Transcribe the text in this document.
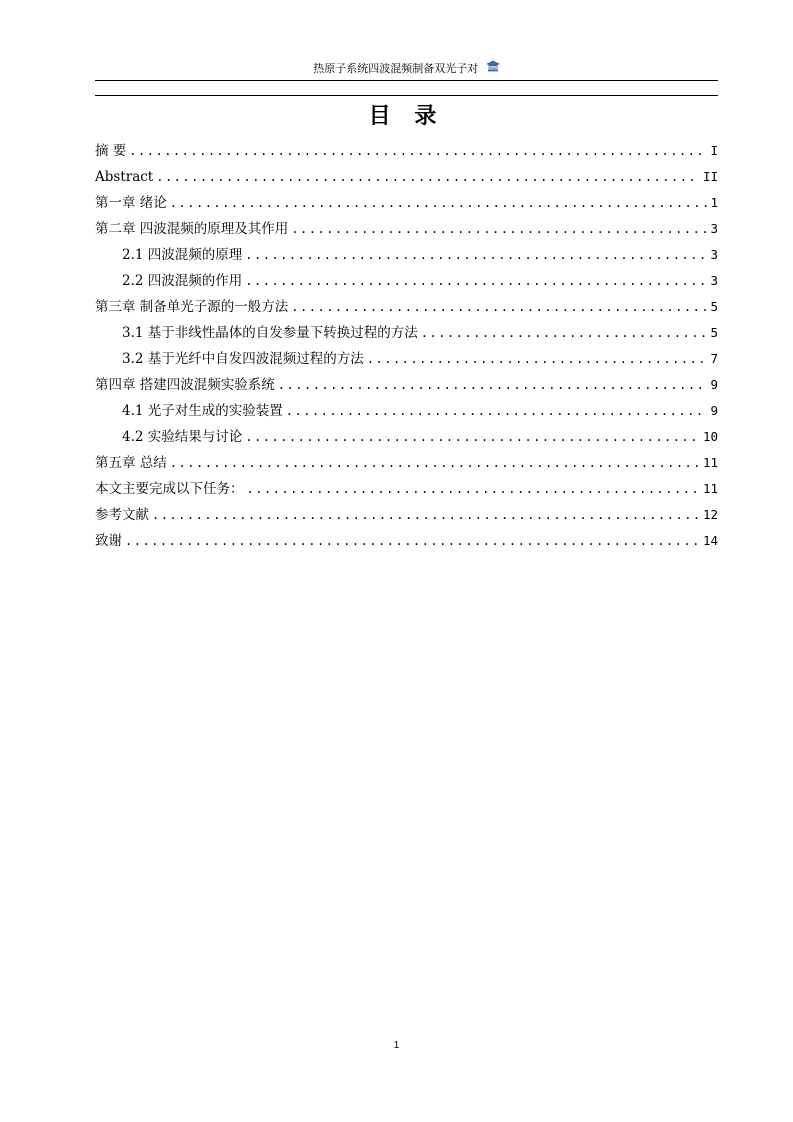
热原子系统四波混频制备双光子对
目 录
摘 要 .....	I
Abstract .....	II
第一章 绪论 .....	1
第二章 四波混频的原理及其作用 .....	3
2.1 四波混频的原理 .....	3
2.2 四波混频的作用 .....	3
第三章 制备单光子源的一般方法 .....	5
3.1 基于非线性晶体的自发参量下转换过程的方法 .....	5
3.2 基于光纤中自发四波混频过程的方法 .....	7
第四章 搭建四波混频实验系统 .....	9
4.1 光子对生成的实验装置 .....	9
4.2 实验结果与讨论 .....	10
第五章 总结 .....	11
本文主要完成以下任务： .....	11
参考文献 .....	12
致谢 .....	14
1
